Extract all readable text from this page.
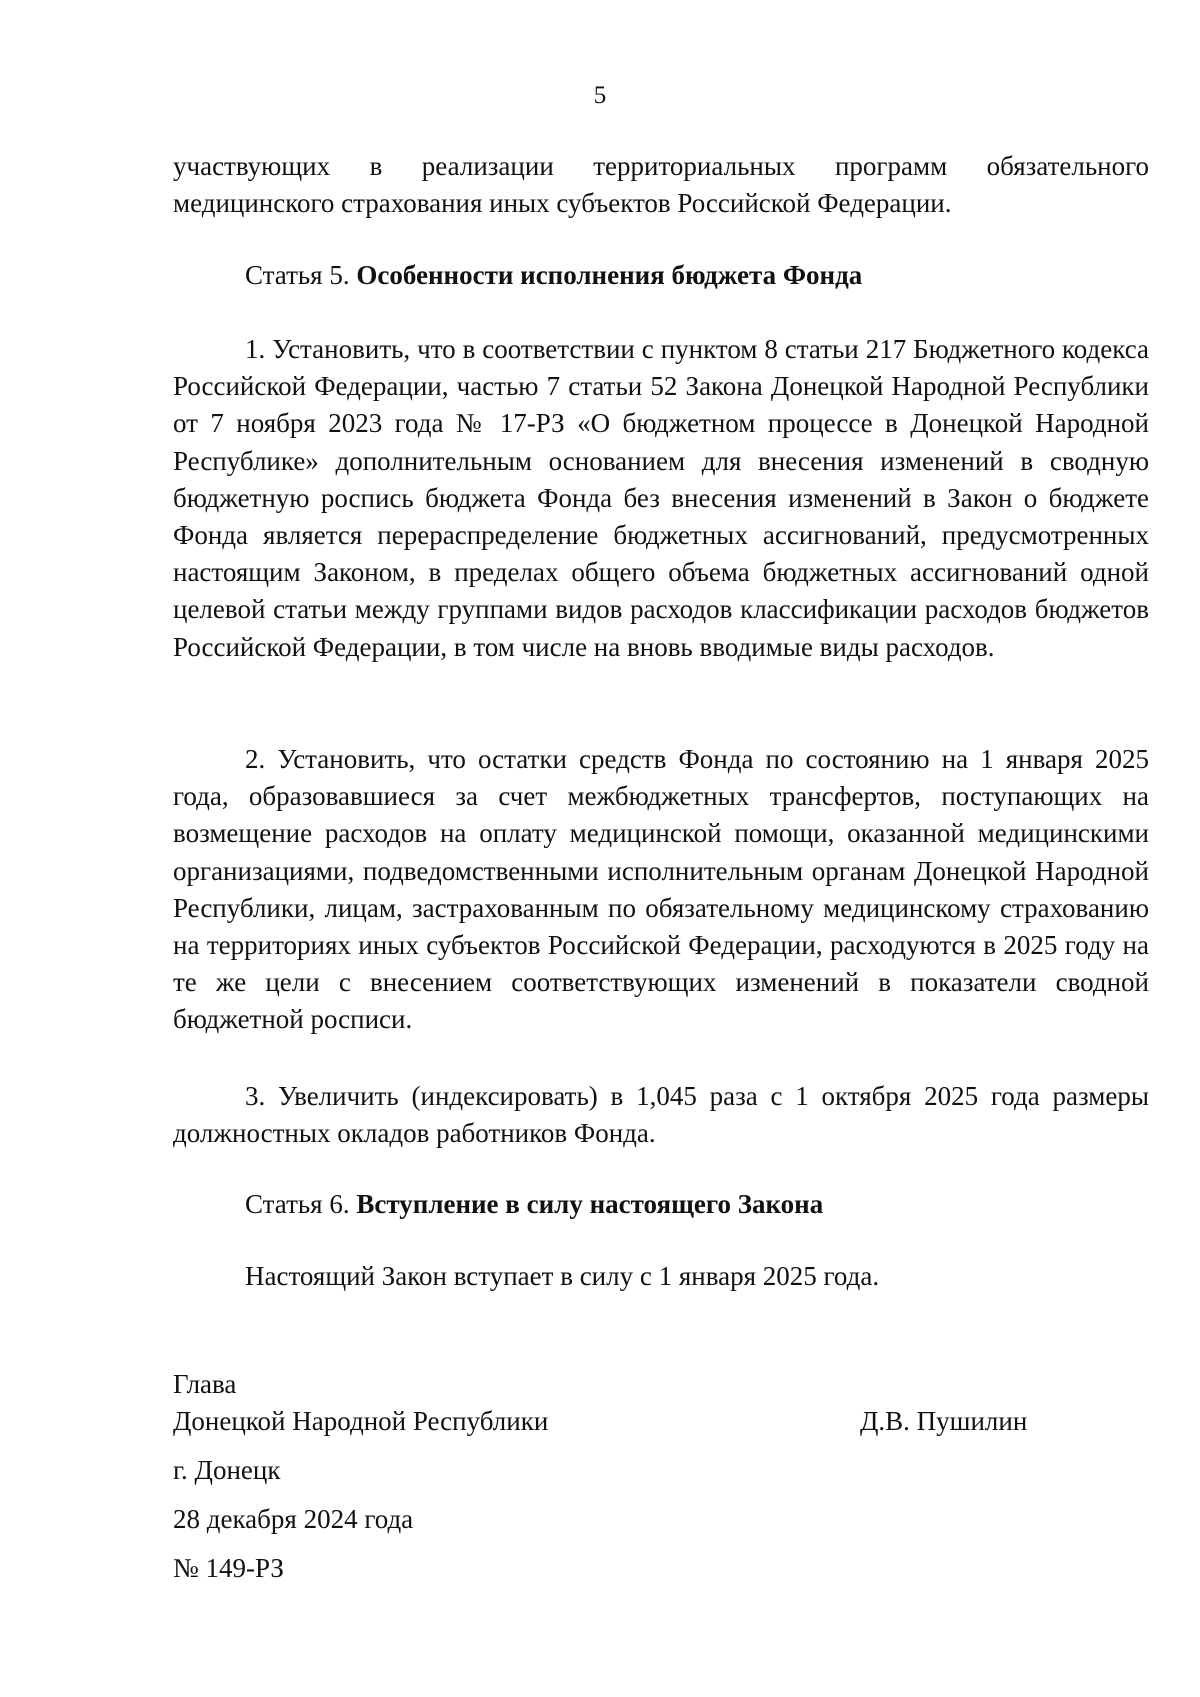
5

участвующих в реализации территориальных программ обязательного медицинского страхования иных субъектов Российской Федерации.

Статья 5. Особенности исполнения бюджета Фонда

1. Установить, что в соответствии с пунктом 8 статьи 217 Бюджетного кодекса Российской Федерации, частью 7 статьи 52 Закона Донецкой Народной Республики от 7 ноября 2023 года № 17-РЗ «О бюджетном процессе в Донецкой Народной Республике» дополнительным основанием для внесения изменений в сводную бюджетную роспись бюджета Фонда без внесения изменений в Закон о бюджете Фонда является перераспределение бюджетных ассигнований, предусмотренных настоящим Законом, в пределах общего объема бюджетных ассигнований одной целевой статьи между группами видов расходов классификации расходов бюджетов Российской Федерации, в том числе на вновь вводимые виды расходов.

2. Установить, что остатки средств Фонда по состоянию на 1 января 2025 года, образовавшиеся за счет межбюджетных трансфертов, поступающих на возмещение расходов на оплату медицинской помощи, оказанной медицинскими организациями, подведомственными исполнительным органам Донецкой Народной Республики, лицам, застрахованным по обязательному медицинскому страхованию на территориях иных субъектов Российской Федерации, расходуются в 2025 году на те же цели с внесением соответствующих изменений в показатели сводной бюджетной росписи.

3. Увеличить (индексировать) в 1,045 раза с 1 октября 2025 года размеры должностных окладов работников Фонда.

Статья 6. Вступление в силу настоящего Закона

Настоящий Закон вступает в силу с 1 января 2025 года.

Глава
Донецкой Народной Республики	Д.В. Пушилин
г. Донецк
28 декабря 2024 года
№ 149-РЗ
